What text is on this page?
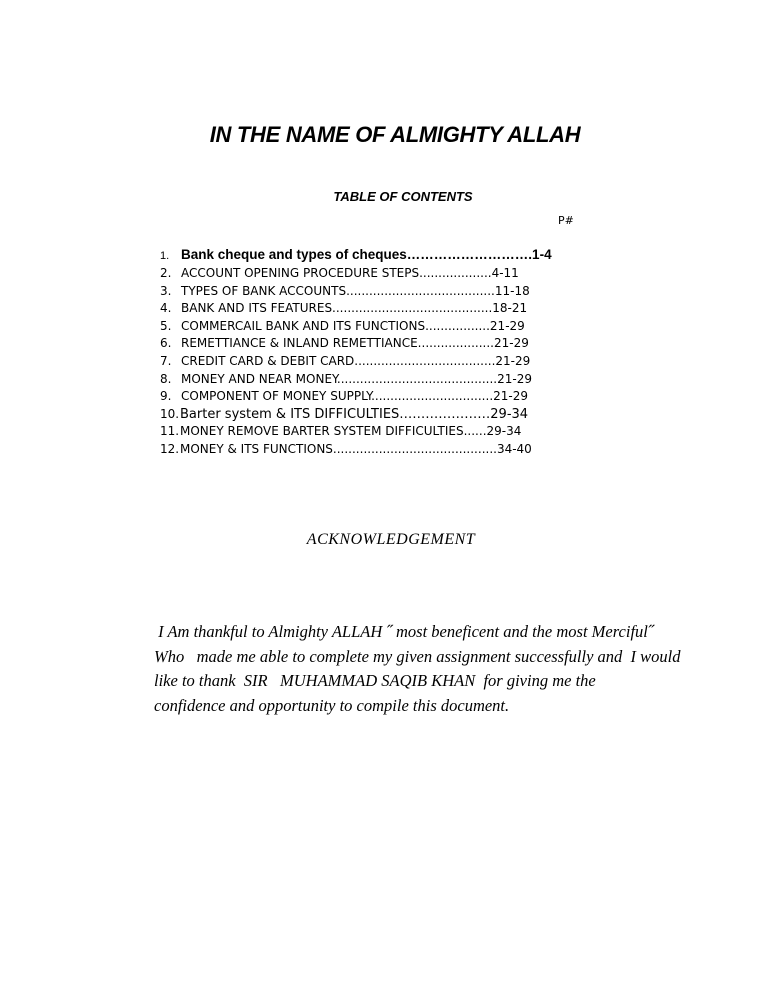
IN THE NAME OF ALMIGHTY ALLAH
TABLE OF CONTENTS
P#
1. Bank cheque and types of cheques……………………….1-4
2. ACCOUNT OPENING PROCEDURE STEPS...................4-11
3. TYPES OF BANK ACCOUNTS.......................................11-18
4. BANK AND ITS FEATURES..........................................18-21
5. COMMERCAIL BANK AND ITS FUNCTIONS.................21-29
6. REMETTIANCE & INLAND REMETTIANCE....................21-29
7. CREDIT CARD & DEBIT CARD.....................................21-29
8. MONEY AND NEAR MONEY..........................................21-29
9. COMPONENT OF MONEY SUPPLY................................21-29
10.Barter system & ITS DIFFICULTIES…………………29-34
11.MONEY REMOVE BARTER SYSTEM DIFFICULTIES......29-34
12.MONEY & ITS FUNCTIONS...........................................34-40
ACKNOWLEDGEMENT
I Am thankful to Almighty ALLAH ˝ most beneficent and the most Merciful˝
Who   made me able to complete my given assignment successfully and  I would
like to thank  SIR   MUHAMMAD SAQIB KHAN  for giving me the
confidence and opportunity to compile this document.
